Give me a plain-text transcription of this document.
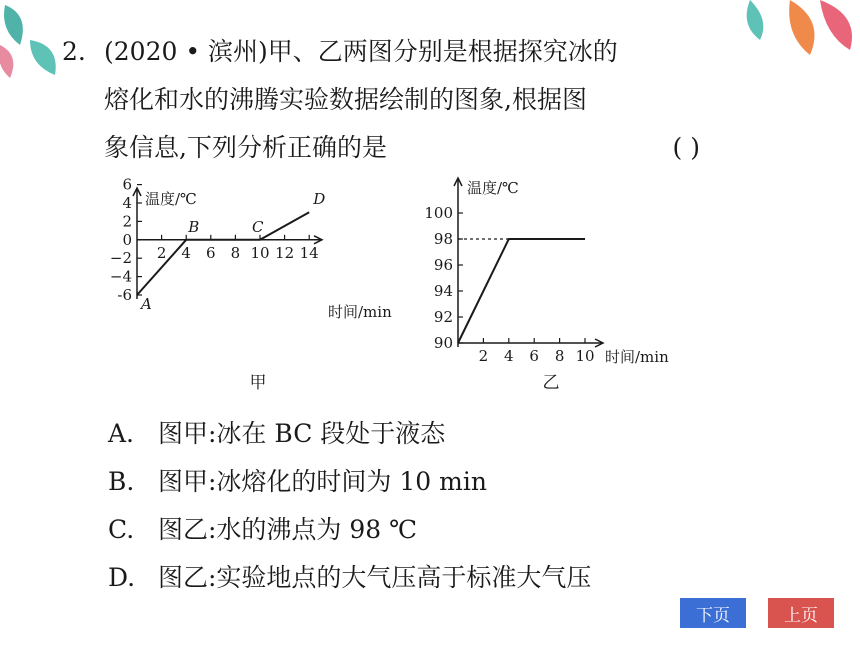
2. (2020 • 滨州)甲、乙两图分别是根据探究冰的
熔化和水的沸腾实验数据绘制的图象,根据图
象信息,下列分析正确的是	( )
温度/℃
时间/min
-6
−4
−2
0
2
4
6
2 4 6 8 10 12 14
A
B	C
D
甲
温度/℃
时间/min
90
92
94
96
98
100
2 4 6 8 10
乙
A. 图甲:冰在 BC 段处于液态
B. 图甲:冰熔化的时间为 10 min
C. 图乙:水的沸点为 98 ℃
D. 图乙:实验地点的大气压高于标准大气压
下页	上页
